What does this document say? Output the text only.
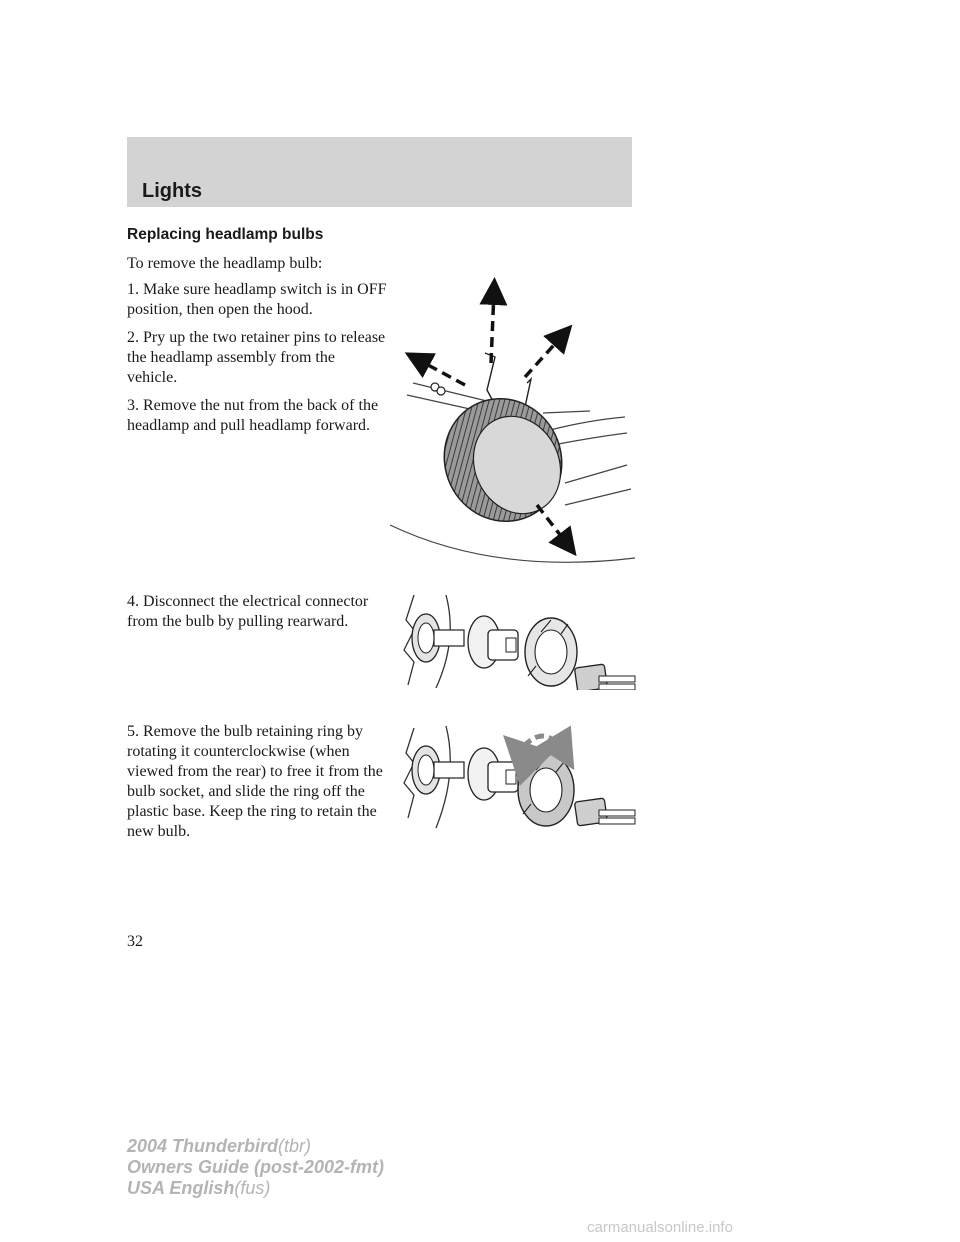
Lights
Replacing headlamp bulbs

To remove the headlamp bulb:

1. Make sure headlamp switch is in OFF position, then open the hood.

2. Pry up the two retainer pins to release the headlamp assembly from the vehicle.

3. Remove the nut from the back of the headlamp and pull headlamp forward.

4. Disconnect the electrical connector from the bulb by pulling rearward.

5. Remove the bulb retaining ring by rotating it counterclockwise (when viewed from the rear) to free it from the bulb socket, and slide the ring off the plastic base. Keep the ring to retain the new bulb.

32
2004 Thunderbird(tbr)
Owners Guide (post-2002-fmt)
USA English(fus)
carmanualsonline.info
